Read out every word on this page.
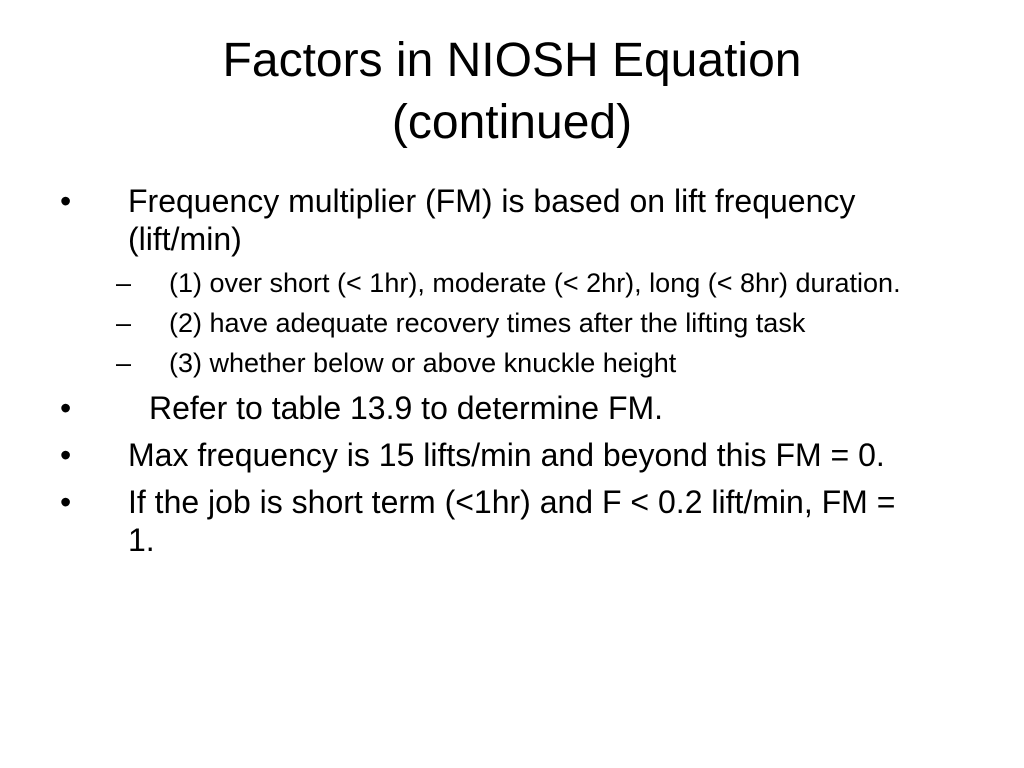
Factors in NIOSH Equation
(continued)
•	Frequency multiplier (FM) is based on lift frequency (lift/min)
–	(1) over short (< 1hr), moderate (< 2hr), long (< 8hr) duration.
–	(2) have adequate recovery times after the lifting task
–	(3) whether below or above knuckle height
•	Refer to table 13.9 to determine FM.
•	Max frequency is 15 lifts/min and beyond this FM = 0.
•	If the job is short term (<1hr) and F < 0.2 lift/min, FM = 1.
